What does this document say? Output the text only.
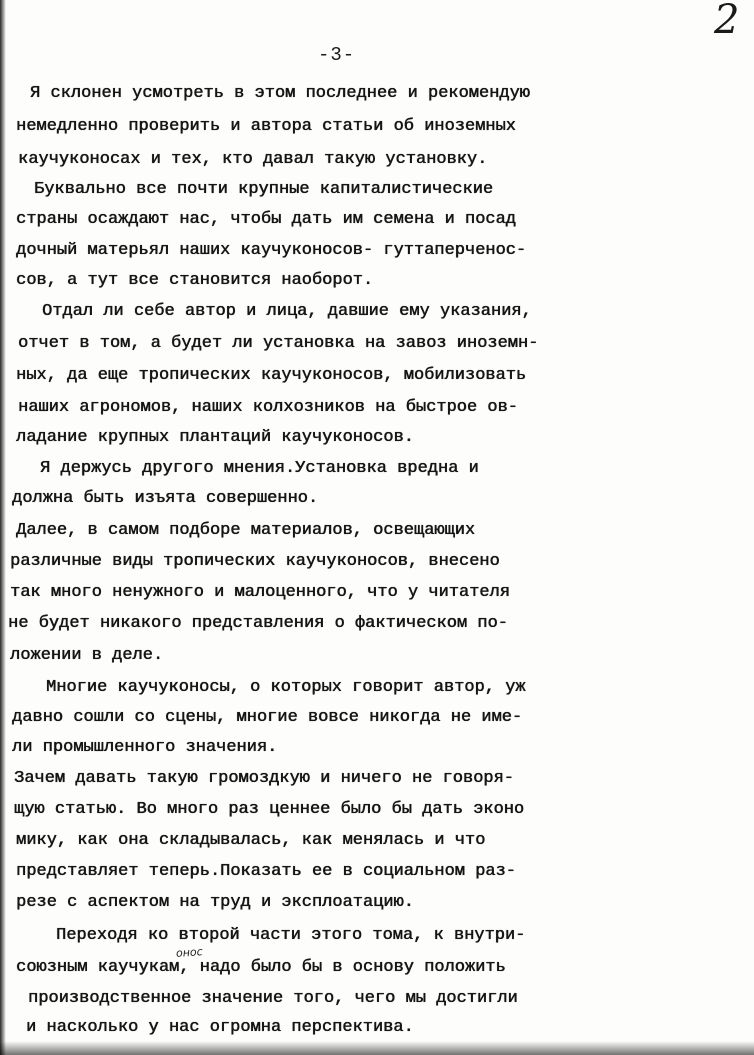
2
-3-
Я склонен усмотреть в этом последнее и рекомендую
немедленно проверить и автора статьи об иноземных
каучуконосах и тех, кто давал такую установку.
Буквально все почти крупные капиталистические
страны осаждают нас, чтобы дать им семена и посад
дочный матерьял наших каучуконосов- гуттаперченос-
сов, а тут все становится наоборот.
Отдал ли себе автор и лица, давшие ему указания,
отчет в том, а будет ли установка на завоз иноземн-
ных, да еще тропических каучуконосов, мобилизовать
наших агрономов, наших колхозников на быстрое ов-
ладание крупных плантаций каучуконосов.
Я держусь другого мнения.Установка вредна и
должна быть изъята совершенно.
Далее, в самом подборе материалов, освещающих
различные виды тропических каучуконосов, внесено
так много ненужного и малоценного, что у читателя
не будет никакого представления о фактическом по-
ложении в деле.
Многие каучуконосы, о которых говорит автор, уж
давно сошли со сцены, многие вовсе никогда не име-
ли промышленного значения.
Зачем давать такую громоздкую и ничего не говоря-
щую статью. Во много раз ценнее было бы дать эконо
мику, как она складывалась, как менялась и что
представляет теперь.Показать ее в социальном раз-
резе с аспектом на труд и эксплоатацию.
Переходя ко второй части этого тома, к внутри-
союзным каучукам, надо было бы в основу положить
производственное значение того, чего мы достигли
и насколько у нас огромна перспектива.
онос
